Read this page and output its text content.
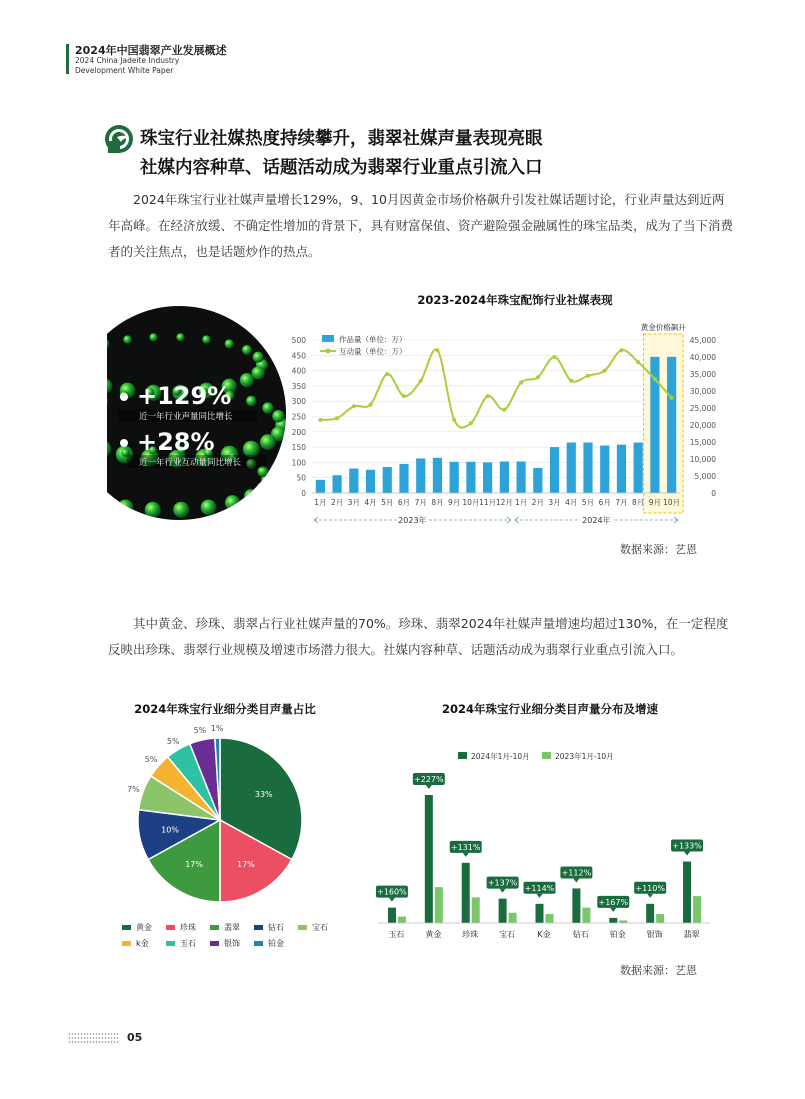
2024年中国翡翠产业发展概述
2024 China Jadeite Industry
Development White Paper
珠宝行业社媒热度持续攀升，翡翠社媒声量表现亮眼
社媒内容种草、话题活动成为翡翠行业重点引流入口
2024年珠宝行业社媒声量增长129%，9、10月因黄金市场价格飙升引发社媒话题讨论，行业声量达到近两年高峰。在经济放缓、不确定性增加的背景下，具有财富保值、资产避险强金融属性的珠宝品类，成为了当下消费者的关注焦点，也是话题炒作的热点。
+129%
近一年行业声量同比增长
+28%
近一年行业互动量同比增长
2023-2024年珠宝配饰行业社媒表现
0
50
100
150
200
250
300
350
400
450
500
0
5,000
10,000
15,000
20,000
25,000
30,000
35,000
40,000
45,000
黄金价格飙升
1月 2月 3月 4月 5月 6月 7月 8月 9月 10月 11月 12月 1月 2月 3月 4月 5月 6月 7月 8月 9月 10月
2023年	2024年
作品量（单位：万）
互动量（单位：万）
数据来源：艺恩
其中黄金、珍珠、翡翠占行业社媒声量的70%。珍珠、翡翠2024年社媒声量增速均超过130%，在一定程度反映出珍珠、翡翠行业规模及增速市场潜力很大。社媒内容种草、话题活动成为翡翠行业重点引流入口。
2024年珠宝行业细分类目声量占比
33%
17%
17%
10%
7%
5%
5%
5% 1%
黄金	珍珠	翡翠	钻石	宝石
k金	玉石	银饰	铂金
2024年珠宝行业细分类目声量分布及增速
2024年1月-10月	2023年1月-10月
+160%
玉石
+227%
黄金
+131%
珍珠
+137%
宝石
+114%
K金
+112%
钻石
+167%
铂金
+110%
银饰
+133%
翡翠
数据来源：艺恩
05
